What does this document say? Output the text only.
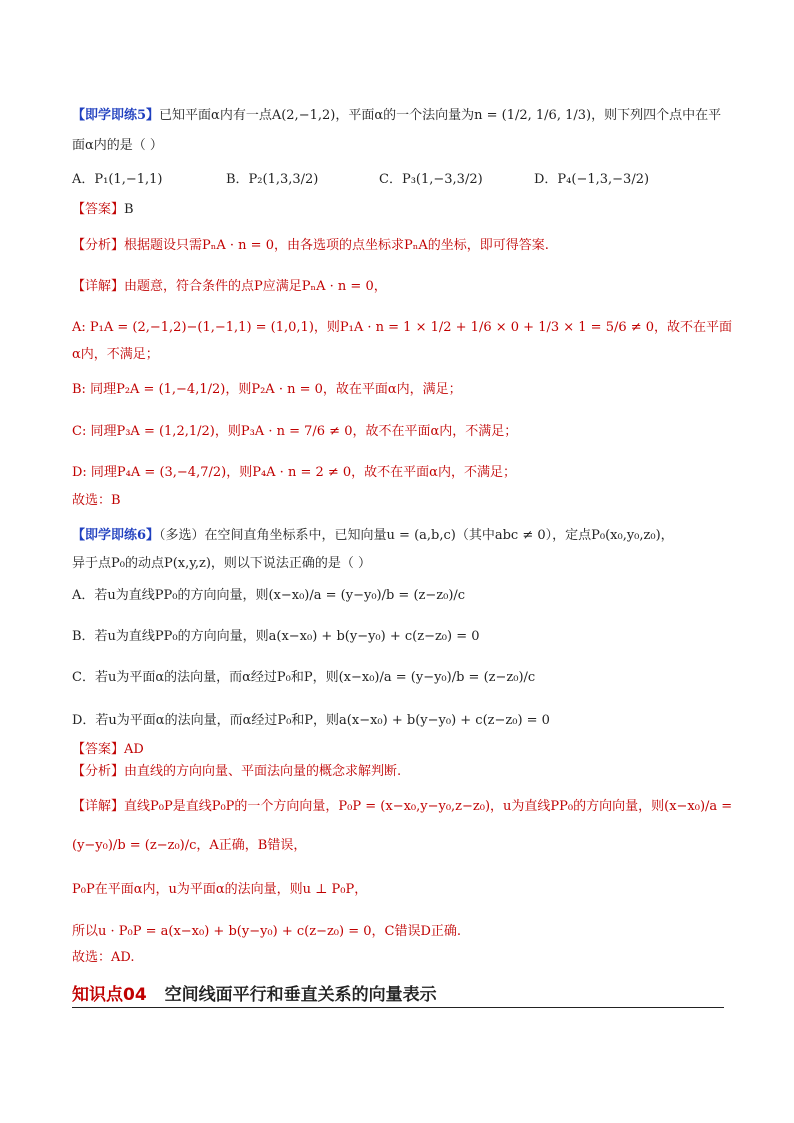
【即学即练5】已知平面α内有一点A(2,−1,2)，平面α的一个法向量为n = (1/2, 1/6, 1/3)，则下列四个点中在平
面α内的是（ ）
A．P₁(1,−1,1)	B．P₂(1,3,3/2)	C．P₃(1,−3,3/2)	D．P₄(−1,3,−3/2)
【答案】B
【分析】根据题设只需PₙA · n = 0，由各选项的点坐标求PₙA的坐标，即可得答案.
【详解】由题意，符合条件的点P应满足PₙA · n = 0，
A: P₁A = (2,−1,2)−(1,−1,1) = (1,0,1)，则P₁A · n = 1 × 1/2 + 1/6 × 0 + 1/3 × 1 = 5/6 ≠ 0，故不在平面
α内，不满足；
B: 同理P₂A = (1,−4,1/2)，则P₂A · n = 0，故在平面α内，满足；
C: 同理P₃A = (1,2,1/2)，则P₃A · n = 7/6 ≠ 0，故不在平面α内，不满足；
D: 同理P₄A = (3,−4,7/2)，则P₄A · n = 2 ≠ 0，故不在平面α内，不满足；
故选：B
【即学即练6】（多选）在空间直角坐标系中，已知向量u = (a,b,c)（其中abc ≠ 0），定点P₀(x₀,y₀,z₀)，
异于点P₀的动点P(x,y,z)，则以下说法正确的是（ ）
A．若u为直线PP₀的方向向量，则(x−x₀)/a = (y−y₀)/b = (z−z₀)/c
B．若u为直线PP₀的方向向量，则a(x−x₀) + b(y−y₀) + c(z−z₀) = 0
C．若u为平面α的法向量，而α经过P₀和P，则(x−x₀)/a = (y−y₀)/b = (z−z₀)/c
D．若u为平面α的法向量，而α经过P₀和P，则a(x−x₀) + b(y−y₀) + c(z−z₀) = 0
【答案】AD
【分析】由直线的方向向量、平面法向量的概念求解判断.
【详解】直线P₀P是直线P₀P的一个方向向量，P₀P = (x−x₀,y−y₀,z−z₀)，u为直线PP₀的方向向量，则(x−x₀)/a =
(y−y₀)/b = (z−z₀)/c，A正确，B错误，
P₀P在平面α内，u为平面α的法向量，则u ⊥ P₀P，
所以u · P₀P = a(x−x₀) + b(y−y₀) + c(z−z₀) = 0，C错误D正确.
故选：AD.
知识点04 空间线面平行和垂直关系的向量表示
